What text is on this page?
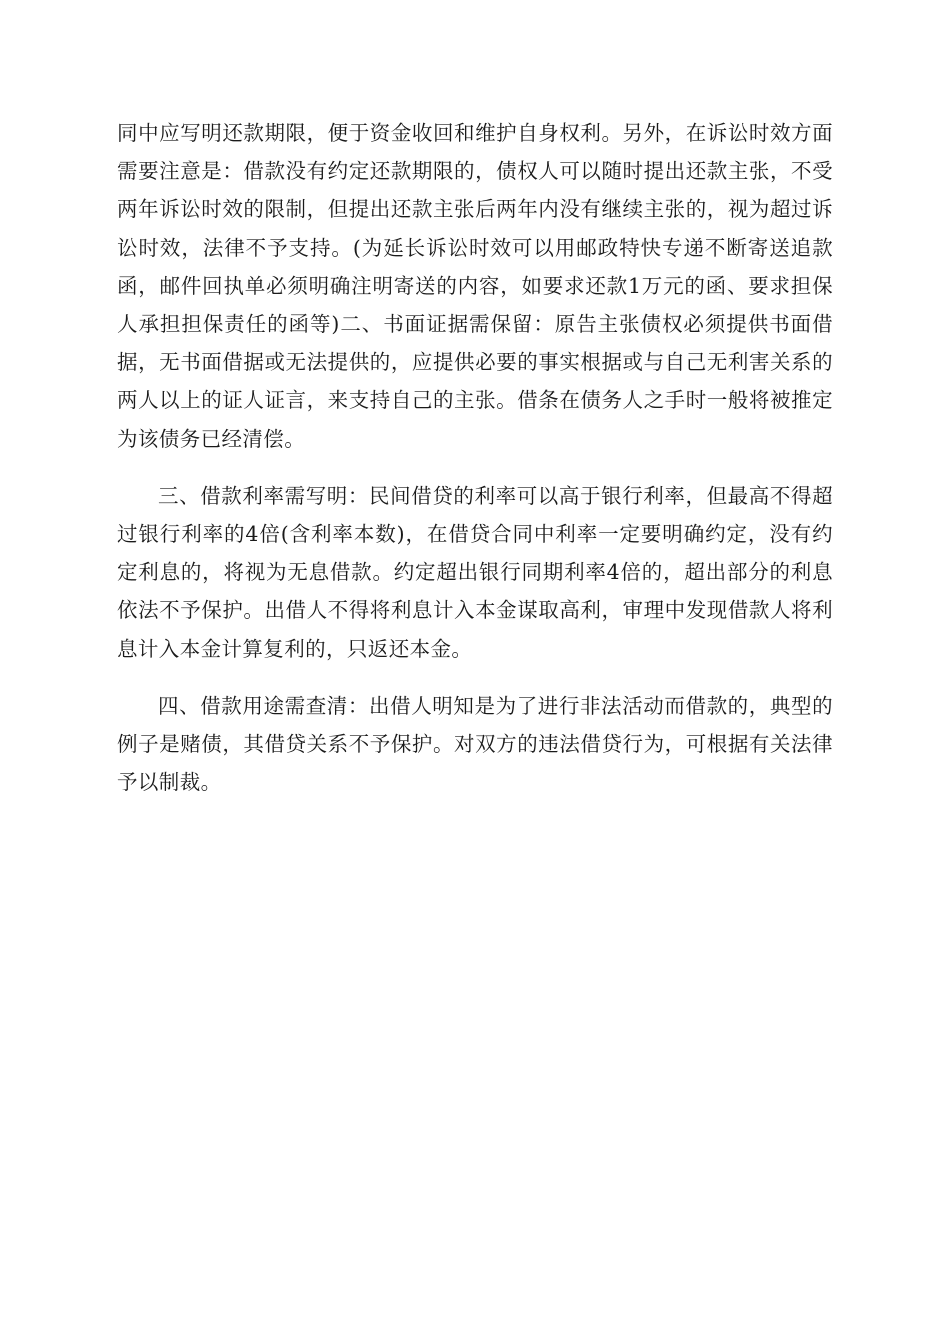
同中应写明还款期限，便于资金收回和维护自身权利。另外，在诉讼时效方面需要注意是：借款没有约定还款期限的，债权人可以随时提出还款主张，不受两年诉讼时效的限制，但提出还款主张后两年内没有继续主张的，视为超过诉讼时效，法律不予支持。(为延长诉讼时效可以用邮政特快专递不断寄送追款函，邮件回执单必须明确注明寄送的内容，如要求还款1万元的函、要求担保人承担担保责任的函等)二、书面证据需保留：原告主张债权必须提供书面借据，无书面借据或无法提供的，应提供必要的事实根据或与自己无利害关系的两人以上的证人证言，来支持自己的主张。借条在债务人之手时一般将被推定为该债务已经清偿。

三、借款利率需写明：民间借贷的利率可以高于银行利率，但最高不得超过银行利率的4倍(含利率本数)，在借贷合同中利率一定要明确约定，没有约定利息的，将视为无息借款。约定超出银行同期利率4倍的，超出部分的利息依法不予保护。出借人不得将利息计入本金谋取高利，审理中发现借款人将利息计入本金计算复利的，只返还本金。

四、借款用途需查清：出借人明知是为了进行非法活动而借款的，典型的例子是赌债，其借贷关系不予保护。对双方的违法借贷行为，可根据有关法律予以制裁。
